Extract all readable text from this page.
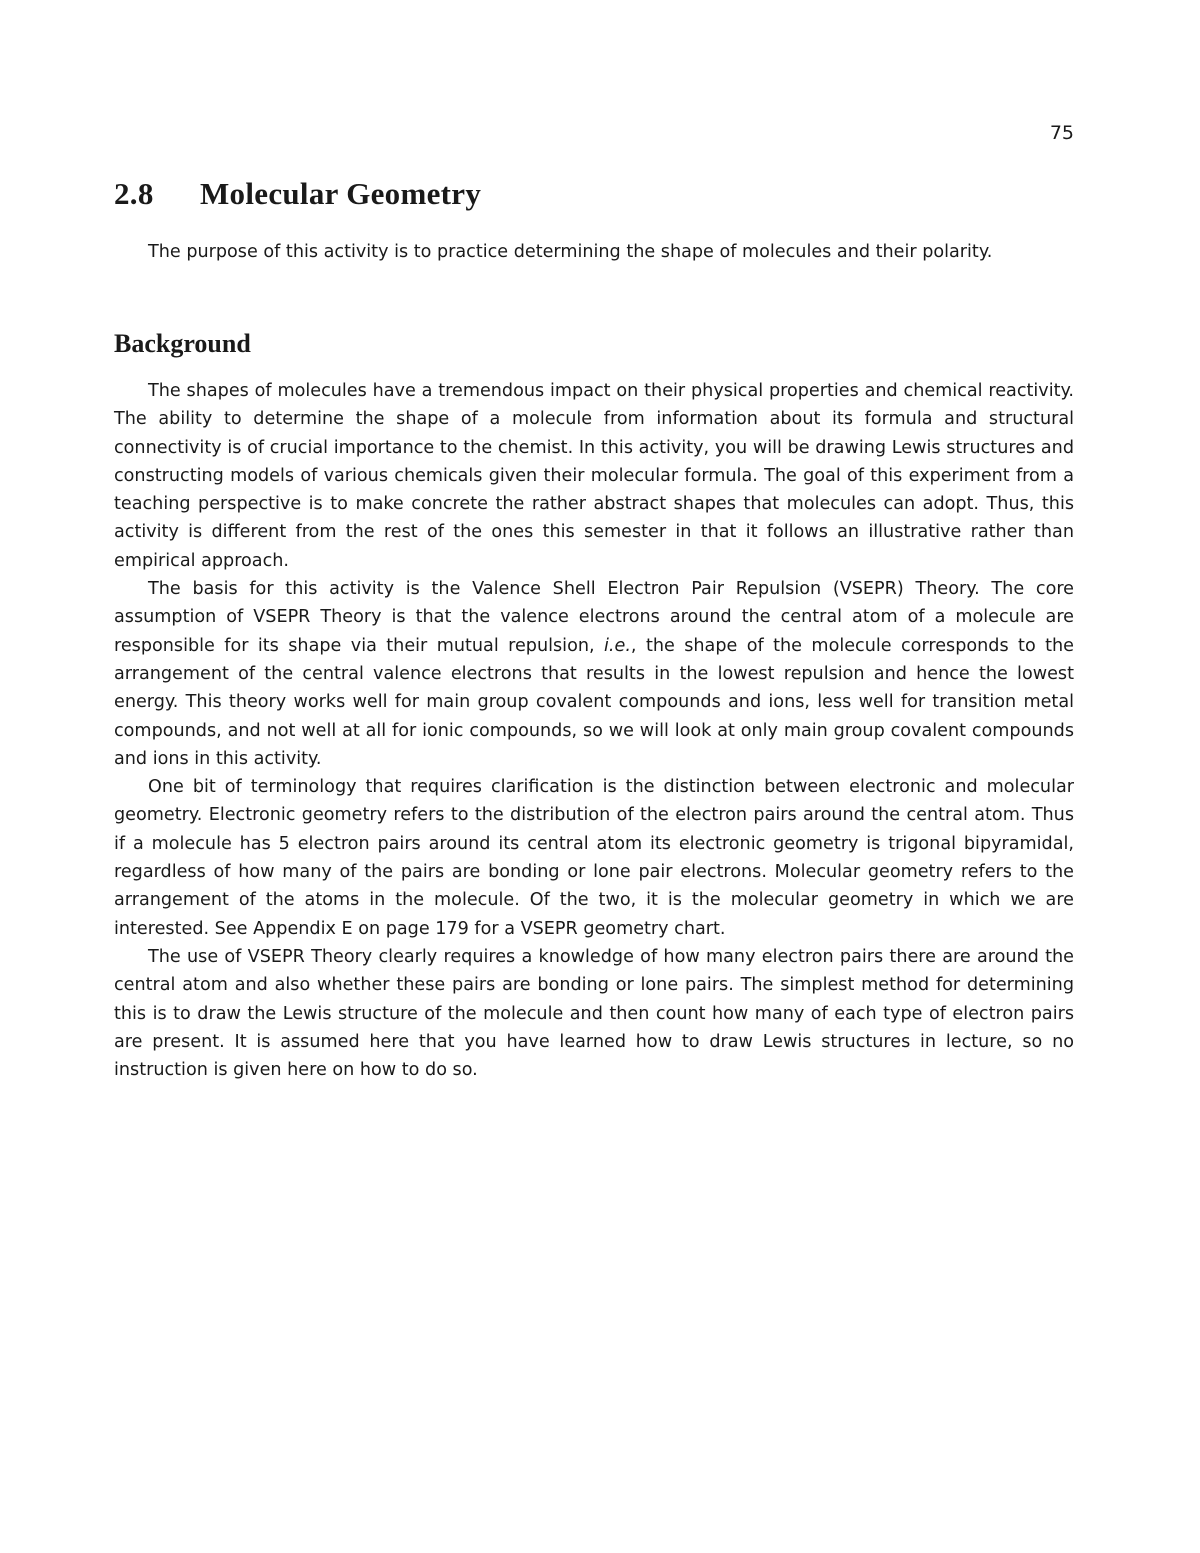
75
2.8 Molecular Geometry

The purpose of this activity is to practice determining the shape of molecules and their polarity.

Background

The shapes of molecules have a tremendous impact on their physical properties and chemical reactivity. The ability to determine the shape of a molecule from information about its formula and structural connectivity is of crucial importance to the chemist. In this activity, you will be drawing Lewis structures and constructing models of various chemicals given their molecular formula. The goal of this experiment from a teaching perspective is to make concrete the rather abstract shapes that molecules can adopt. Thus, this activity is different from the rest of the ones this semester in that it follows an illustrative rather than empirical approach.

The basis for this activity is the Valence Shell Electron Pair Repulsion (VSEPR) Theory. The core assumption of VSEPR Theory is that the valence electrons around the central atom of a molecule are responsible for its shape via their mutual repulsion, i.e., the shape of the molecule corresponds to the arrangement of the central valence electrons that results in the lowest repulsion and hence the lowest energy. This theory works well for main group covalent compounds and ions, less well for transition metal compounds, and not well at all for ionic compounds, so we will look at only main group covalent compounds and ions in this activity.

One bit of terminology that requires clarification is the distinction between electronic and molecular geometry. Electronic geometry refers to the distribution of the electron pairs around the central atom. Thus if a molecule has 5 electron pairs around its central atom its electronic geometry is trigonal bipyramidal, regardless of how many of the pairs are bonding or lone pair electrons. Molecular geometry refers to the arrangement of the atoms in the molecule. Of the two, it is the molecular geometry in which we are interested. See Appendix E on page 179 for a VSEPR geometry chart.

The use of VSEPR Theory clearly requires a knowledge of how many electron pairs there are around the central atom and also whether these pairs are bonding or lone pairs. The simplest method for determining this is to draw the Lewis structure of the molecule and then count how many of each type of electron pairs are present. It is assumed here that you have learned how to draw Lewis structures in lecture, so no instruction is given here on how to do so.
